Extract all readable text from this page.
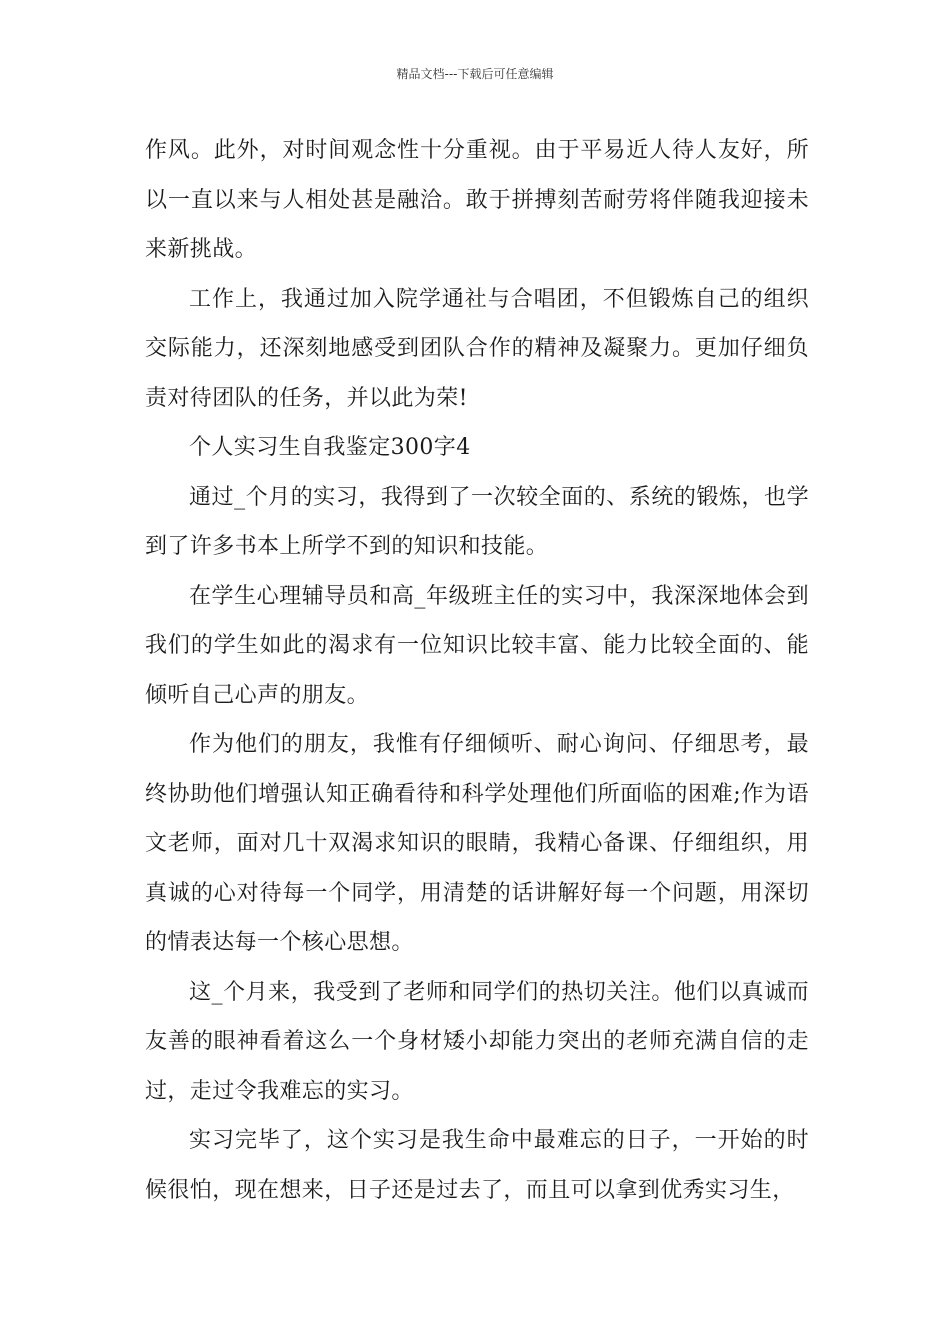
精品文档---下载后可任意编辑

作风。此外，对时间观念性十分重视。由于平易近人待人友好，所以一直以来与人相处甚是融洽。敢于拼搏刻苦耐劳将伴随我迎接未来新挑战。

工作上，我通过加入院学通社与合唱团，不但锻炼自己的组织交际能力，还深刻地感受到团队合作的精神及凝聚力。更加仔细负责对待团队的任务，并以此为荣!

个人实习生自我鉴定300字4

通过_个月的实习，我得到了一次较全面的、系统的锻炼，也学到了许多书本上所学不到的知识和技能。

在学生心理辅导员和高_年级班主任的实习中，我深深地体会到我们的学生如此的渴求有一位知识比较丰富、能力比较全面的、能倾听自己心声的朋友。

作为他们的朋友，我惟有仔细倾听、耐心询问、仔细思考，最终协助他们增强认知正确看待和科学处理他们所面临的困难;作为语文老师，面对几十双渴求知识的眼睛，我精心备课、仔细组织，用真诚的心对待每一个同学，用清楚的话讲解好每一个问题，用深切的情表达每一个核心思想。

这_个月来，我受到了老师和同学们的热切关注。他们以真诚而友善的眼神看着这么一个身材矮小却能力突出的老师充满自信的走过，走过令我难忘的实习。

实习完毕了，这个实习是我生命中最难忘的日子，一开始的时候很怕，现在想来，日子还是过去了，而且可以拿到优秀实习生，
